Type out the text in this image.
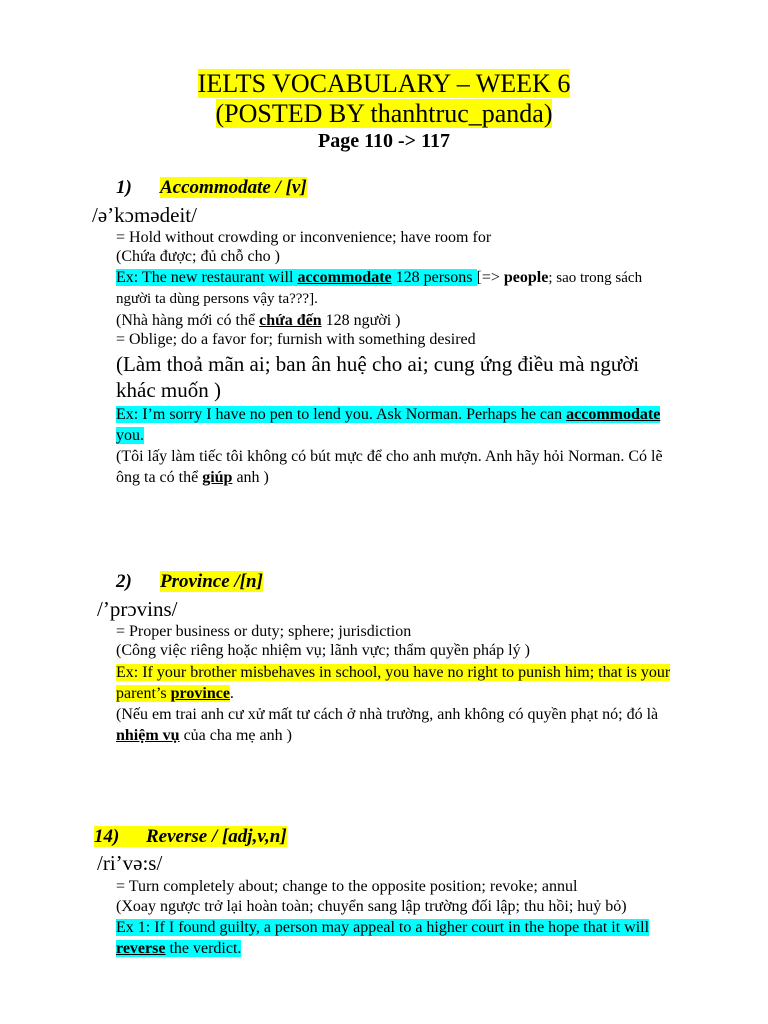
IELTS VOCABULARY – WEEK 6
(POSTED BY thanhtruc_panda)
Page 110 -> 117
1) Accommodate / [v]
/ə’kɔmədeit/
= Hold without crowding or inconvenience; have room for
(Chứa được; đủ chỗ cho )
Ex: The new restaurant will accommodate 128 persons [=> people; sao trong sách
người ta dùng persons vậy ta???].
(Nhà hàng mới có thể chứa đến 128 người )
= Oblige; do a favor for; furnish with something desired
(Làm thoả mãn ai; ban ân huệ cho ai; cung ứng điều mà người
khác muốn )
Ex: I’m sorry I have no pen to lend you. Ask Norman. Perhaps he can accommodate
you.
(Tôi lấy làm tiếc tôi không có bút mực để cho anh mượn. Anh hãy hỏi Norman. Có lẽ
ông ta có thể giúp anh )
2) Province /[n]
/’prɔvins/
= Proper business or duty; sphere; jurisdiction
(Công việc riêng hoặc nhiệm vụ; lãnh vực; thẩm quyền pháp lý )
Ex: If your brother misbehaves in school, you have no right to punish him; that is your
parent’s province.
(Nếu em trai anh cư xử mất tư cách ở nhà trường, anh không có quyền phạt nó; đó là
nhiệm vụ của cha mẹ anh )
14) Reverse / [adj,v,n]
/ri’və:s/
= Turn completely about; change to the opposite position; revoke; annul
(Xoay ngược trở lại hoàn toàn; chuyển sang lập trường đối lập; thu hồi; huỷ bỏ)
Ex 1: If I found guilty, a person may appeal to a higher court in the hope that it will
reverse the verdict.
